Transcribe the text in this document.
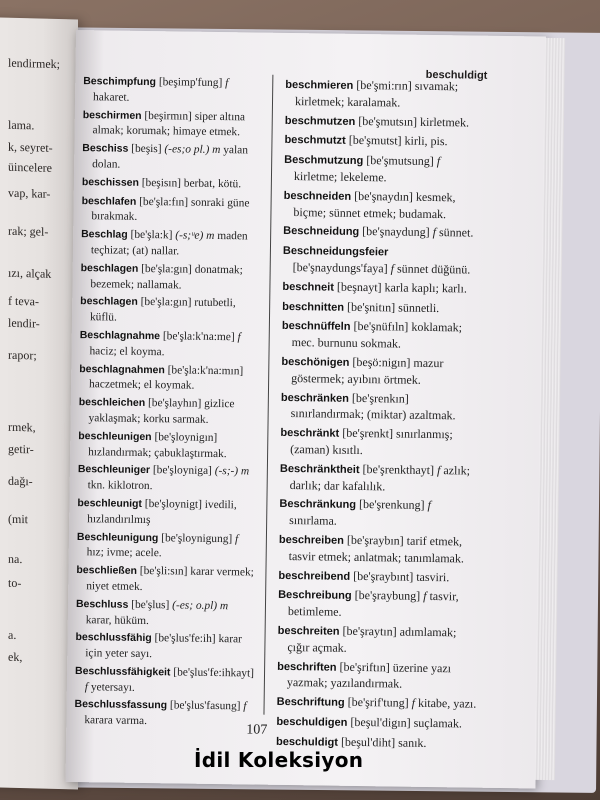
lendirmek;
lama.
k, seyret-
üincelere
vap, kar-
rak; gel-
ızı, alçak
f teva-
lendir-
rapor;
rmek,
getir-
dağı-
(mit
na.
to-
a.
ek,
beschuldigt
Beschimpfung [beşimp'fung] f hakaret.
beschirmen [beşirmın] siper altına almak; korumak; himaye etmek.
Beschiss [beşis] (-es;o pl.) m yalan dolan.
beschissen [beşisın] berbat, kötü.
beschlafen [be'şla:fın] sonraki güne bırakmak.
Beschlag [be'şla:k] (-s;ᵘe) m maden teçhizat; (at) nallar.
beschlagen [be'şla:gın] donatmak; bezemek; nallamak.
beschlagen [be'şla:gın] rutubetli, küflü.
Beschlagnahme [be'şla:k'na:me] f haciz; el koyma.
beschlagnahmen [be'şla:k'na:mın] haczetmek; el koymak.
beschleichen [be'şlayhın] gizlice yaklaşmak; korku sarmak.
beschleunigen [be'şloynigın] hızlandırmak; çabuklaştırmak.
Beschleuniger [be'şloyniga] (-s;-) m tkn. kiklotron.
beschleunigt [be'şloynigt] ivedili, hızlandırılmış
Beschleunigung [be'şloynigung] f hız; ivme; acele.
beschließen [be'şli:sın] karar vermek; niyet etmek.
Beschluss [be'şlus] (-es; o.pl) m karar, hüküm.
beschlussfähig [be'şlus'fe:ih] karar için yeter sayı.
Beschlussfähigkeit [be'şlus'fe:ihkayt] f yetersayı.
Beschlussfassung [be'şlus'fasung] f karara varma.
beschmieren [be'şmi:rın] sıvamak; kirletmek; karalamak.
beschmutzen [be'şmutsın] kirletmek.
beschmutzt [be'şmutst] kirli, pis.
Beschmutzung [be'şmutsung] f kirletme; lekeleme.
beschneiden [be'şnaydın] kesmek, biçme; sünnet etmek; budamak.
Beschneidung [be'şnaydung] f sünnet.
Beschneidungsfeier [be'şnaydungs'faya] f sünnet düğünü.
beschneit [beşnayt] karla kaplı; karlı.
beschnitten [be'şnitın] sünnetli.
beschnüffeln [be'şnüfıln] koklamak; mec. burnunu sokmak.
beschönigen [beşö:nigın] mazur göstermek; ayıbını örtmek.
beschränken [be'şrenkın] sınırlandırmak; (miktar) azaltmak.
beschränkt [be'şrenkt] sınırlanmış; (zaman) kısıtlı.
Beschränktheit [be'şrenkthayt] f azlık; darlık; dar kafalılık.
Beschränkung [be'şrenkung] f sınırlama.
beschreiben [be'şraybın] tarif etmek, tasvir etmek; anlatmak; tanımlamak.
beschreibend [be'şraybınt] tasviri.
Beschreibung [be'şraybung] f tasvir, betimleme.
beschreiten [be'şraytın] adımlamak; çığır açmak.
beschriften [be'şriftın] üzerine yazı yazmak; yazılandırmak.
Beschriftung [be'şrif'tung] f kitabe, yazı.
beschuldigen [beşul'digın] suçlamak.
beschuldigt [beşul'diht] sanık.
107
İdil Koleksiyon
